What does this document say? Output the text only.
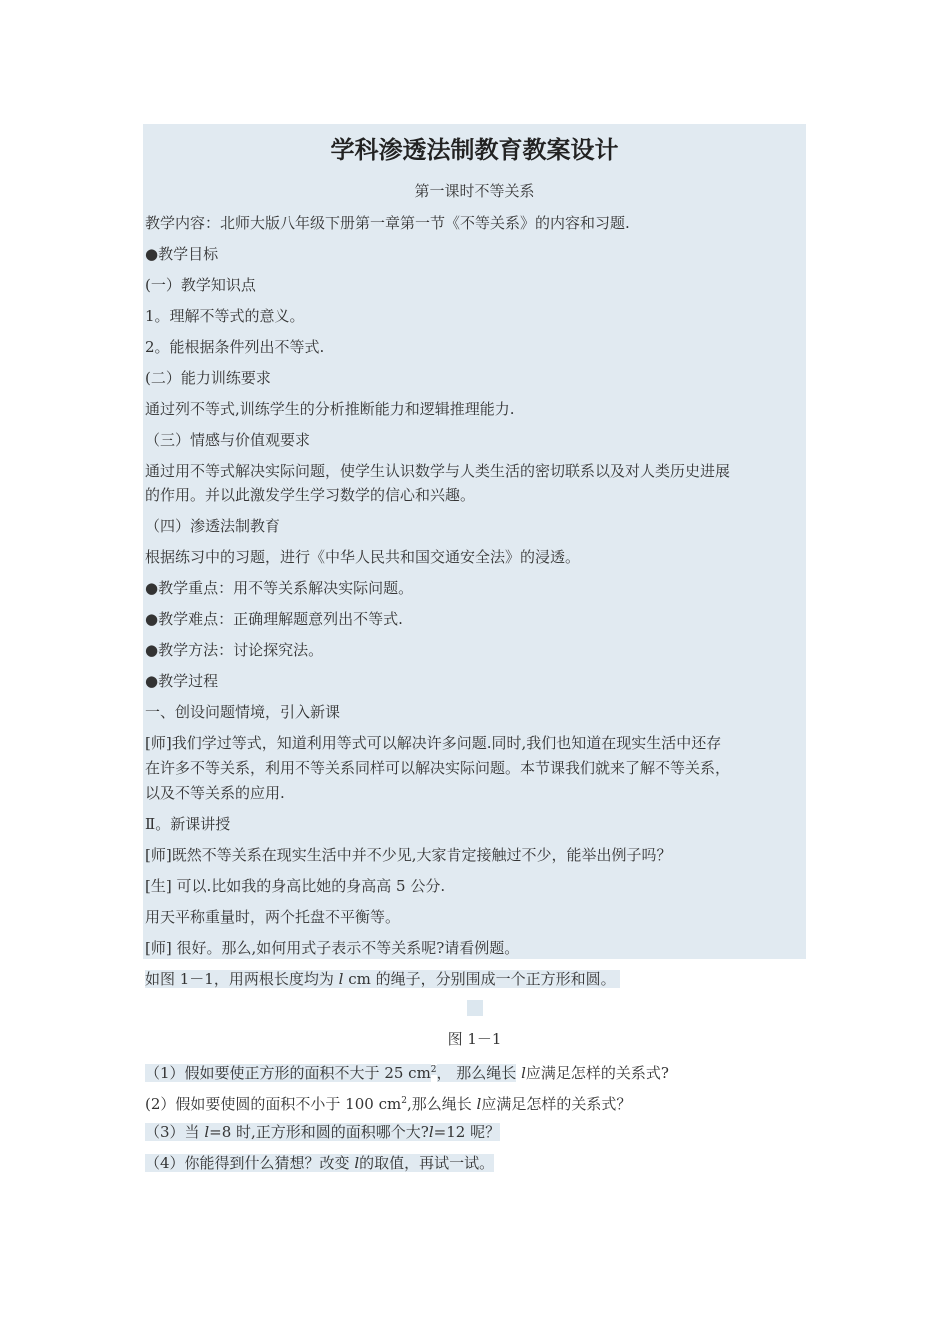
学科渗透法制教育教案设计
第一课时不等关系
教学内容：北师大版八年级下册第一章第一节《不等关系》的内容和习题.
●教学目标
(一）教学知识点
1。理解不等式的意义。
2。能根据条件列出不等式.
(二）能力训练要求
通过列不等式,训练学生的分析推断能力和逻辑推理能力.
（三）情感与价值观要求
通过用不等式解决实际问题，使学生认识数学与人类生活的密切联系以及对人类历史进展
的作用。并以此激发学生学习数学的信心和兴趣。
（四）渗透法制教育
根据练习中的习题，进行《中华人民共和国交通安全法》的浸透。
●教学重点：用不等关系解决实际问题。
●教学难点：正确理解题意列出不等式.
●教学方法：讨论探究法。
●教学过程
一、创设问题情境，引入新课
[师]我们学过等式，知道利用等式可以解决许多问题.同时,我们也知道在现实生活中还存
在许多不等关系，利用不等关系同样可以解决实际问题。本节课我们就来了解不等关系，
以及不等关系的应用.
Ⅱ。新课讲授
[师]既然不等关系在现实生活中并不少见,大家肯定接触过不少，能举出例子吗？
[生] 可以.比如我的身高比她的身高高 5 公分.
用天平称重量时，两个托盘不平衡等。
[师] 很好。那么,如何用式子表示不等关系呢?请看例题。
如图 1－1，用两根长度均为 l cm 的绳子，分别围成一个正方形和圆。
图 1－1
（1）假如要使正方形的面积不大于 25 $cm^2$， 那么绳长 l应满足怎样的关系式?
(2）假如要使圆的面积不小于 100 $cm^2$,那么绳长 l应满足怎样的关系式？
（3）当 l=8 时,正方形和圆的面积哪个大?l=12 呢？
（4）你能得到什么猜想？改变 l的取值，再试一试。
